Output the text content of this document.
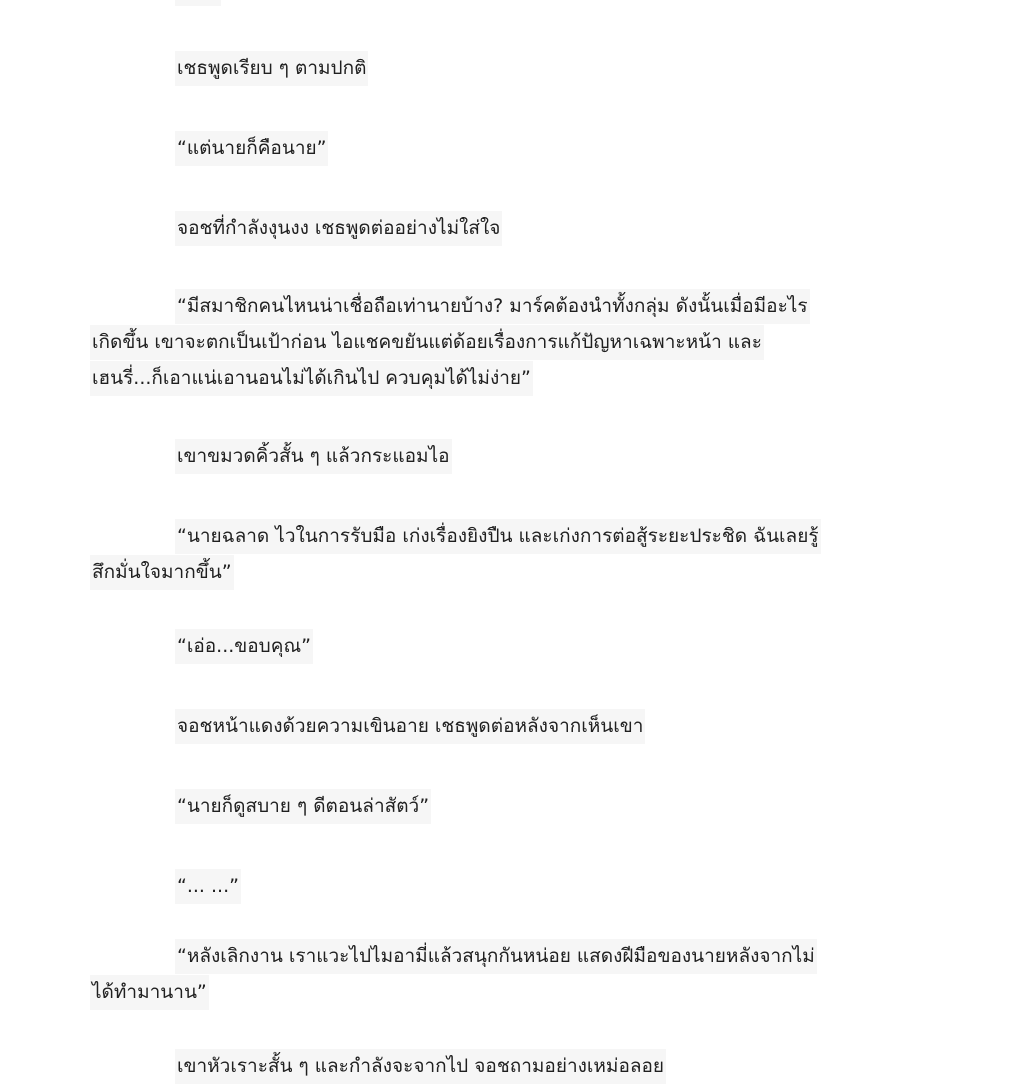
เชธพูดเรียบ ๆ ตามปกติ
“แต่นายก็คือนาย”
จอชที่กำลังงุนงง เชธพูดต่ออย่างไม่ใส่ใจ
“มีสมาชิกคนไหนน่าเชื่อถือเท่านายบ้าง? มาร์คต้องนำทั้งกลุ่ม ดังนั้นเมื่อมีอะไร
เกิดขึ้น เขาจะตกเป็นเป้าก่อน ไอแชคขยันแต่ด้อยเรื่องการแก้ปัญหาเฉพาะหน้า และ
เฮนรี่...ก็เอาแน่เอานอนไม่ได้เกินไป ควบคุมได้ไม่ง่าย”
เขาขมวดคิ้วสั้น ๆ แล้วกระแอมไอ
“นายฉลาด ไวในการรับมือ เก่งเรื่องยิงปืน และเก่งการต่อสู้ระยะประชิด ฉันเลยรู้
สึกมั่นใจมากขึ้น”
“เอ่อ...ขอบคุณ”
จอชหน้าแดงด้วยความเขินอาย เชธพูดต่อหลังจากเห็นเขา
“นายก็ดูสบาย ๆ ดีตอนล่าสัตว์”
“... ...”
“หลังเลิกงาน เราแวะไปไมอามี่แล้วสนุกกันหน่อย แสดงฝีมือของนายหลังจากไม่
ได้ทำมานาน”
เขาหัวเราะสั้น ๆ และกำลังจะจากไป จอชถามอย่างเหม่อลอย
